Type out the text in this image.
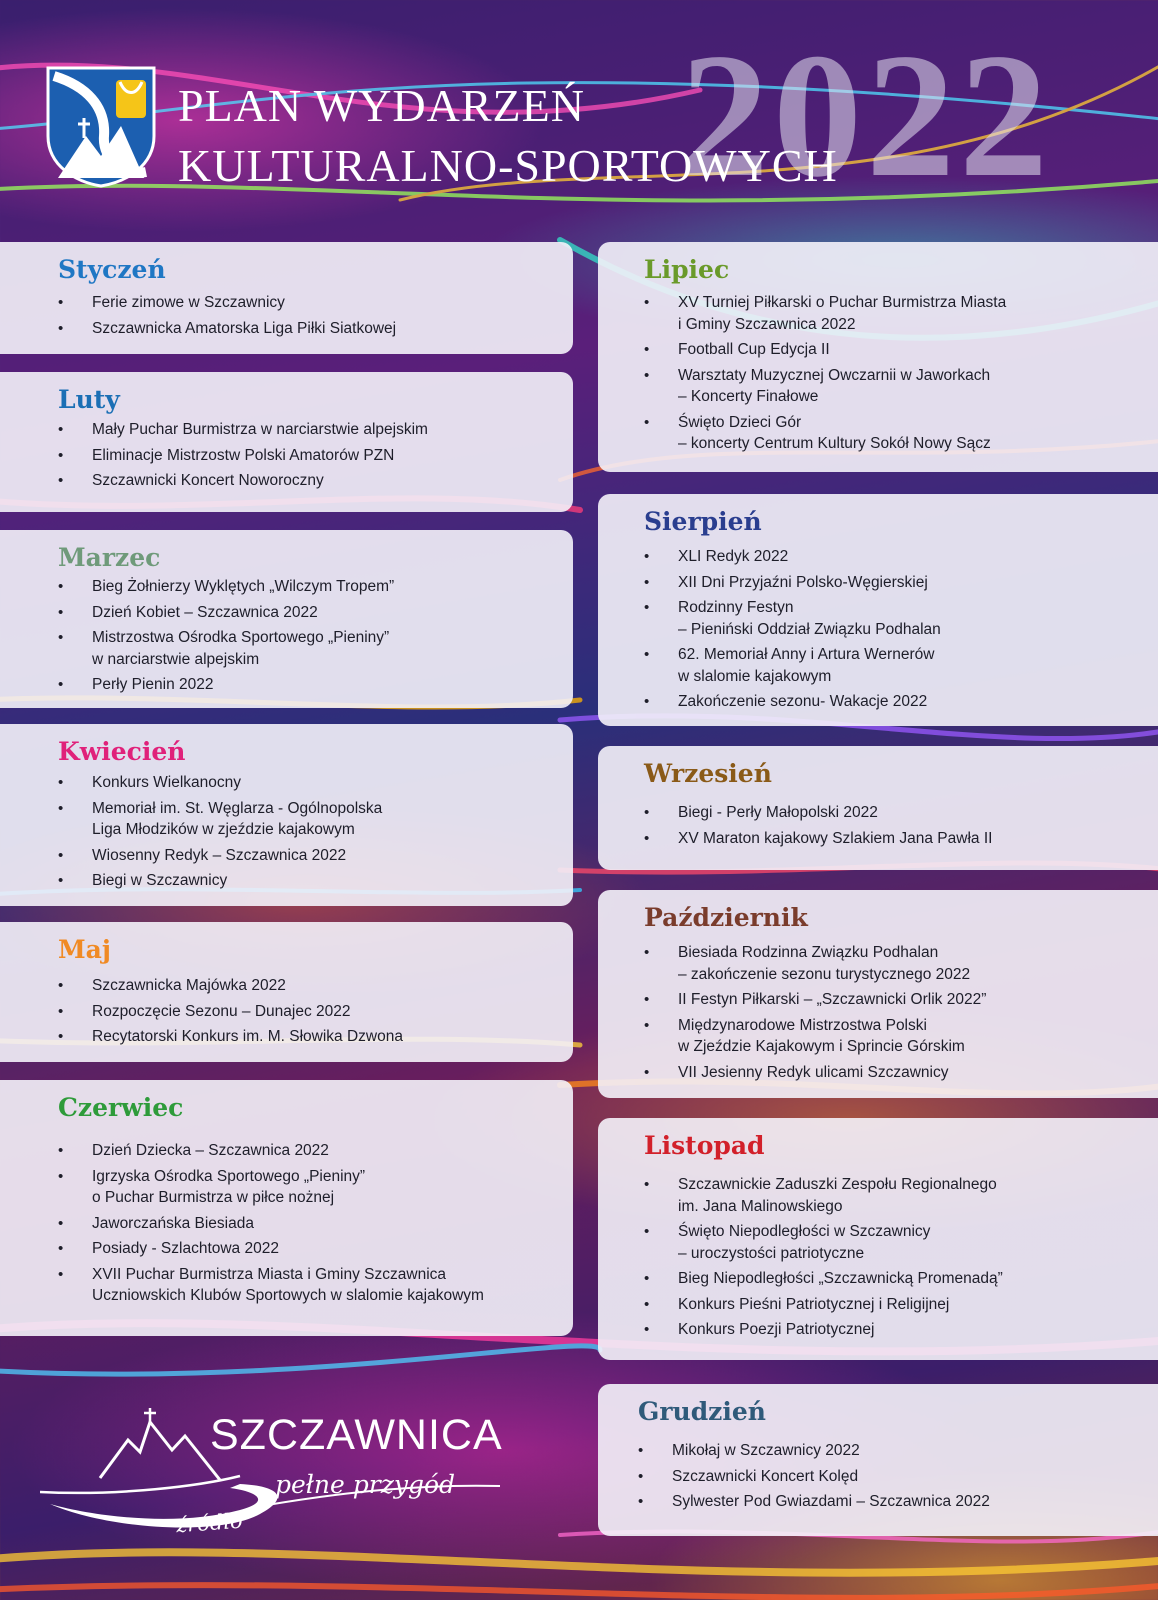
2022
PLAN WYDARZEŃ
KULTURALNO-SPORTOWYCH
Styczeń
• Ferie zimowe w Szczawnicy
• Szczawnicka Amatorska Liga Piłki Siatkowej
Luty
• Mały Puchar Burmistrza w narciarstwie alpejskim
• Eliminacje Mistrzostw Polski Amatorów PZN
• Szczawnicki Koncert Noworoczny
Marzec
• Bieg Żołnierzy Wyklętych „Wilczym Tropem”
• Dzień Kobiet – Szczawnica 2022
• Mistrzostwa Ośrodka Sportowego „Pieniny”
w narciarstwie alpejskim
• Perły Pienin 2022
Kwiecień
• Konkurs Wielkanocny
• Memoriał im. St. Węglarza - Ogólnopolska
Liga Młodzików w zjeździe kajakowym
• Wiosenny Redyk – Szczawnica 2022
• Biegi w Szczawnicy
Maj
• Szczawnicka Majówka 2022
• Rozpoczęcie Sezonu – Dunajec 2022
• Recytatorski Konkurs im. M. Słowika Dzwona
Czerwiec
• Dzień Dziecka – Szczawnica 2022
• Igrzyska Ośrodka Sportowego „Pieniny”
o Puchar Burmistrza w piłce nożnej
• Jaworczańska Biesiada
• Posiady - Szlachtowa 2022
• XVII Puchar Burmistrza Miasta i Gminy Szczawnica
Uczniowskich Klubów Sportowych w slalomie kajakowym
Lipiec
• XV Turniej Piłkarski o Puchar Burmistrza Miasta
i Gminy Szczawnica 2022
• Football Cup Edycja II
• Warsztaty Muzycznej Owczarnii w Jaworkach
– Koncerty Finałowe
• Święto Dzieci Gór
– koncerty Centrum Kultury Sokół Nowy Sącz
Sierpień
• XLI Redyk 2022
• XII Dni Przyjaźni Polsko-Węgierskiej
• Rodzinny Festyn
– Pieniński Oddział Związku Podhalan
• 62. Memoriał Anny i Artura Wernerów
w slalomie kajakowym
• Zakończenie sezonu- Wakacje 2022
Wrzesień
• Biegi - Perły Małopolski 2022
• XV Maraton kajakowy Szlakiem Jana Pawła II
Październik
• Biesiada Rodzinna Związku Podhalan
– zakończenie sezonu turystycznego 2022
• II Festyn Piłkarski – „Szczawnicki Orlik 2022”
• Międzynarodowe Mistrzostwa Polski
w Zjeździe Kajakowym i Sprincie Górskim
• VII Jesienny Redyk ulicami Szczawnicy
Listopad
• Szczawnickie Zaduszki Zespołu Regionalnego
im. Jana Malinowskiego
• Święto Niepodległości w Szczawnicy
– uroczystości patriotyczne
• Bieg Niepodległości „Szczawnicką Promenadą”
• Konkurs Pieśni Patriotycznej i Religijnej
• Konkurs Poezji Patriotycznej
Grudzień
• Mikołaj w Szczawnicy 2022
• Szczawnicki Koncert Kolęd
• Sylwester Pod Gwiazdami – Szczawnica 2022
SZCZAWNICA
pełne przygód
źródło
